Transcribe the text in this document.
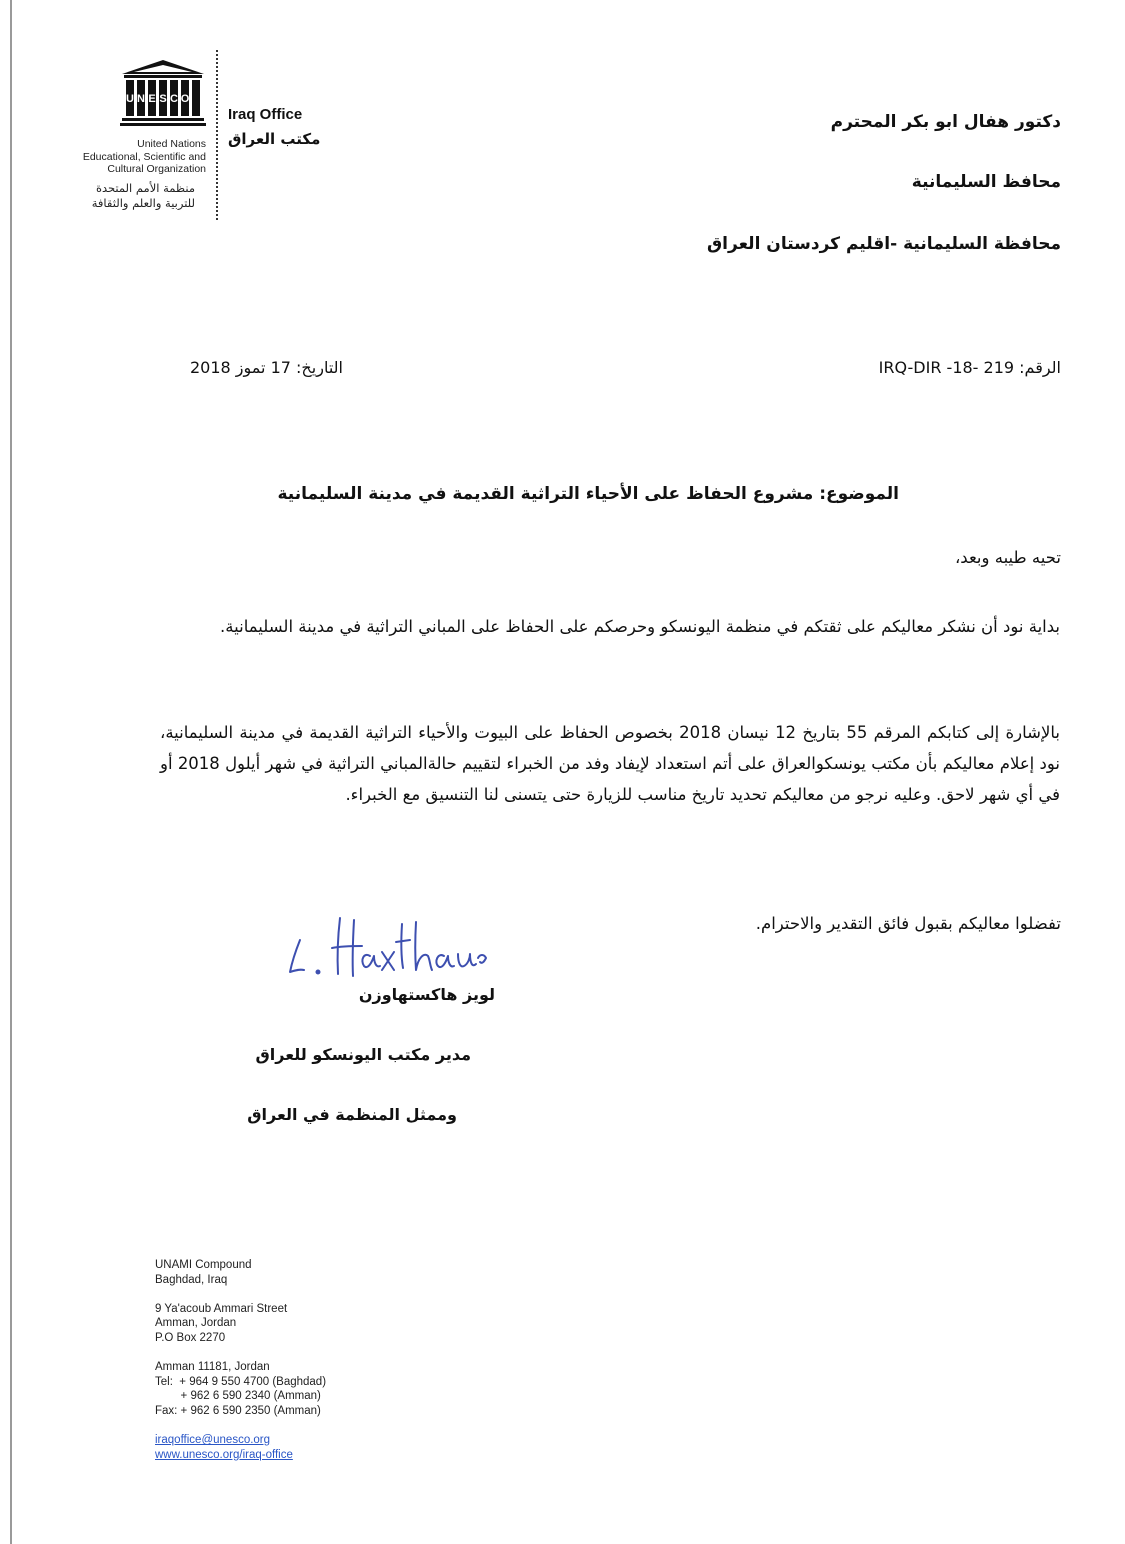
U N E S C O
United Nations
Educational, Scientific and
Cultural Organization
منظمة الأمم المتحدة
للتربية والعلم والثقافة
Iraq Office
مكتب العراق
دكتور هفال ابو بكر المحترم
محافظ السليمانية
محافظة السليمانية -اقليم كردستان العراق
الرقم: IRQ-DIR -18- 219
التاريخ: 17 تموز 2018
الموضوع: مشروع الحفاظ على الأحياء التراثية القديمة في مدينة السليمانية
تحيه طيبه وبعد،
بداية نود أن نشكر معاليكم على ثقتكم في منظمة اليونسكو وحرصكم على الحفاظ على المباني التراثية في مدينة السليمانية.
بالإشارة إلى كتابكم المرقم 55 بتاريخ 12 نيسان 2018 بخصوص الحفاظ على البيوت والأحياء التراثية القديمة في مدينة السليمانية، نود إعلام معاليكم بأن مكتب يونسكوالعراق على أتم استعداد لإيفاد وفد من الخبراء لتقييم حالةالمباني التراثية في شهر أيلول 2018 أو في أي شهر لاحق. وعليه نرجو من معاليكم تحديد تاريخ مناسب للزيارة حتى يتسنى لنا التنسيق مع الخبراء.
تفضلوا معاليكم بقبول فائق التقدير والاحترام.
لويز هاكستهاوزن
مدير مكتب اليونسكو للعراق
وممثل المنظمة في العراق
UNAMI Compound
Baghdad, Iraq
9 Ya'acoub Ammari Street
Amman, Jordan
P.O Box 2270
Amman 11181, Jordan
Tel:  + 964 9 550 4700 (Baghdad)
+ 962 6 590 2340 (Amman)
Fax: + 962 6 590 2350 (Amman)
iraqoffice@unesco.org
www.unesco.org/iraq-office
